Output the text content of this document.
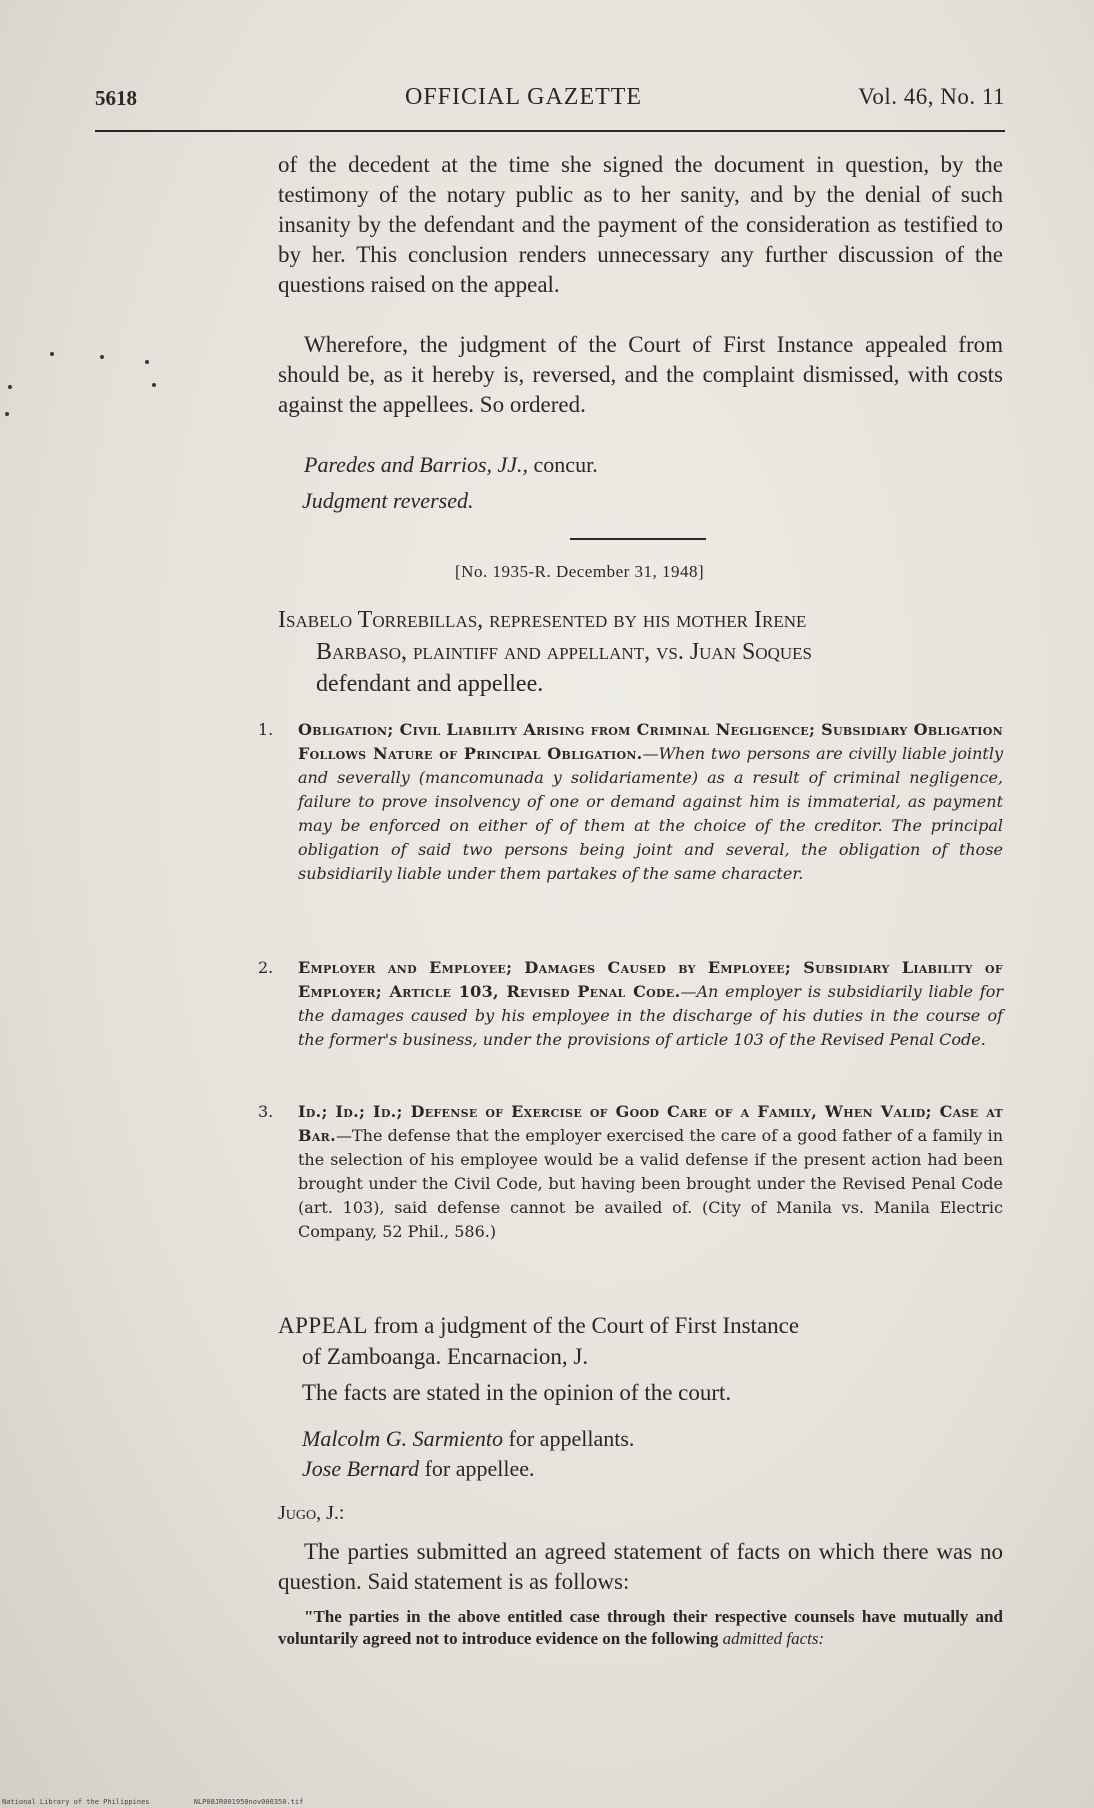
5618	OFFICIAL GAZETTE	Vol. 46, No. 11

of the decedent at the time she signed the document in question, by the testimony of the notary public as to her sanity, and by the denial of such insanity by the defendant and the payment of the consideration as testified to by her. This conclusion renders unnecessary any further discussion of the questions raised on the appeal.

Wherefore, the judgment of the Court of First Instance appealed from should be, as it hereby is, reversed, and the complaint dismissed, with costs against the appellees. So ordered.

Paredes and Barrios, JJ., concur.
Judgment reversed.
[No. 1935-R. December 31, 1948]
Isabelo Torrebillas, represented by his mother Irene
Barbaso, plaintiff and appellant, vs. Juan Soques
defendant and appellee.
1. Obligation; Civil Liability Arising from Criminal Negligence; Subsidiary Obligation Follows Nature of Principal Obligation.—When two persons are civilly liable jointly and severally (mancomunada y solidariamente) as a result of criminal negligence, failure to prove insolvency of one or demand against him is immaterial, as payment may be enforced on either of of them at the choice of the creditor. The principal obligation of said two persons being joint and several, the obligation of those subsidiarily liable under them partakes of the same character.
2. Employer and Employee; Damages Caused by Employee; Subsidiary Liability of Employer; Article 103, Revised Penal Code.—An employer is subsidiarily liable for the damages caused by his employee in the discharge of his duties in the course of the former's business, under the provisions of article 103 of the Revised Penal Code.
3. Id.; Id.; Id.; Defense of Exercise of Good Care of a Family, When Valid; Case at Bar.—The defense that the employer exercised the care of a good father of a family in the selection of his employee would be a valid defense if the present action had been brought under the Civil Code, but having been brought under the Revised Penal Code (art. 103), said defense cannot be availed of. (City of Manila vs. Manila Electric Company, 52 Phil., 586.)
APPEAL from a judgment of the Court of First Instance
of Zamboanga. Encarnacion, J.
The facts are stated in the opinion of the court.
Malcolm G. Sarmiento for appellants.
Jose Bernard for appellee.
Jugo, J.:

The parties submitted an agreed statement of facts on which there was no question. Said statement is as follows:

"The parties in the above entitled case through their respective counsels have mutually and voluntarily agreed not to introduce evidence on the following admitted facts:

National Library of the Philippines	NLP08JR001950nov000350.tif
